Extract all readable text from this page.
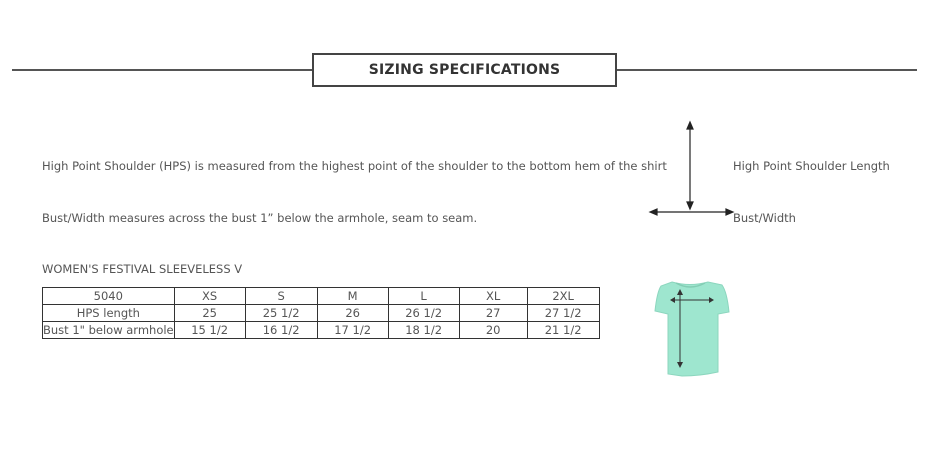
SIZING SPECIFICATIONS
High Point Shoulder (HPS) is measured from the highest point of the shoulder to the bottom hem of the shirt
Bust/Width measures across the bust 1” below the armhole, seam to seam.
High Point Shoulder Length
Bust/Width
WOMEN'S FESTIVAL SLEEVELESS V
5040	XS	S	M	L	XL	2XL
HPS length	25	25 1/2	26	26 1/2	27	27 1/2
Bust 1" below armhole	15 1/2	16 1/2	17 1/2	18 1/2	20	21 1/2
